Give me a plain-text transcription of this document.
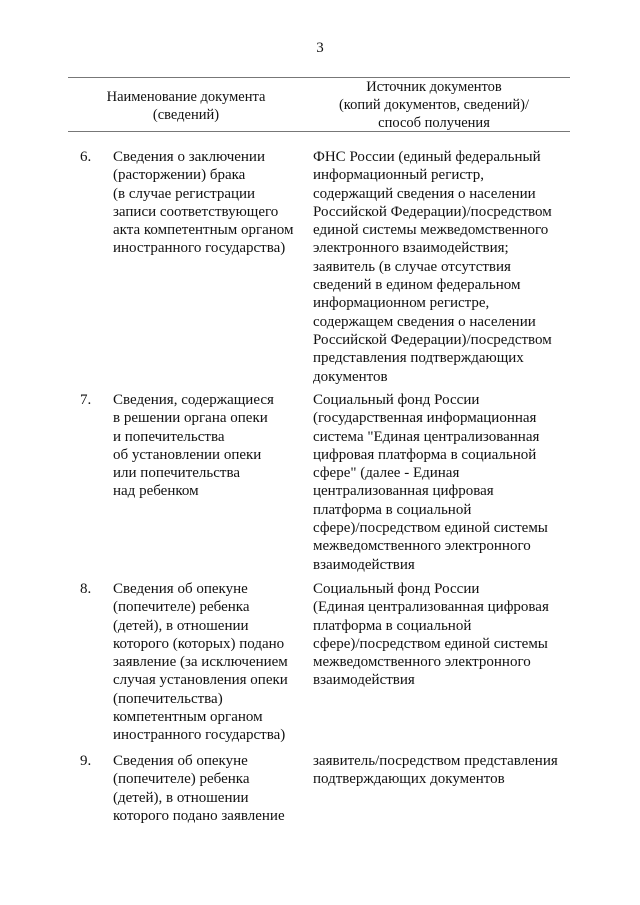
3
Наименование документа
(сведений)
Источник документов
(копий документов, сведений)/
способ получения
6. Сведения о заключении
(расторжении) брака
(в случае регистрации
записи соответствующего
акта компетентным органом
иностранного государства)
ФНС России (единый федеральный
информационный регистр,
содержащий сведения о населении
Российской Федерации)/посредством
единой системы межведомственного
электронного взаимодействия;
заявитель (в случае отсутствия
сведений в едином федеральном
информационном регистре,
содержащем сведения о населении
Российской Федерации)/посредством
представления подтверждающих
документов
7. Сведения, содержащиеся
в решении органа опеки
и попечительства
об установлении опеки
или попечительства
над ребенком
Социальный фонд России
(государственная информационная
система "Единая централизованная
цифровая платформа в социальной
сфере" (далее - Единая
централизованная цифровая
платформа в социальной
сфере)/посредством единой системы
межведомственного электронного
взаимодействия
8. Сведения об опекуне
(попечителе) ребенка
(детей), в отношении
которого (которых) подано
заявление (за исключением
случая установления опеки
(попечительства)
компетентным органом
иностранного государства)
Социальный фонд России
(Единая централизованная цифровая
платформа в социальной
сфере)/посредством единой системы
межведомственного электронного
взаимодействия
9. Сведения об опекуне
(попечителе) ребенка
(детей), в отношении
которого подано заявление
заявитель/посредством представления
подтверждающих документов
